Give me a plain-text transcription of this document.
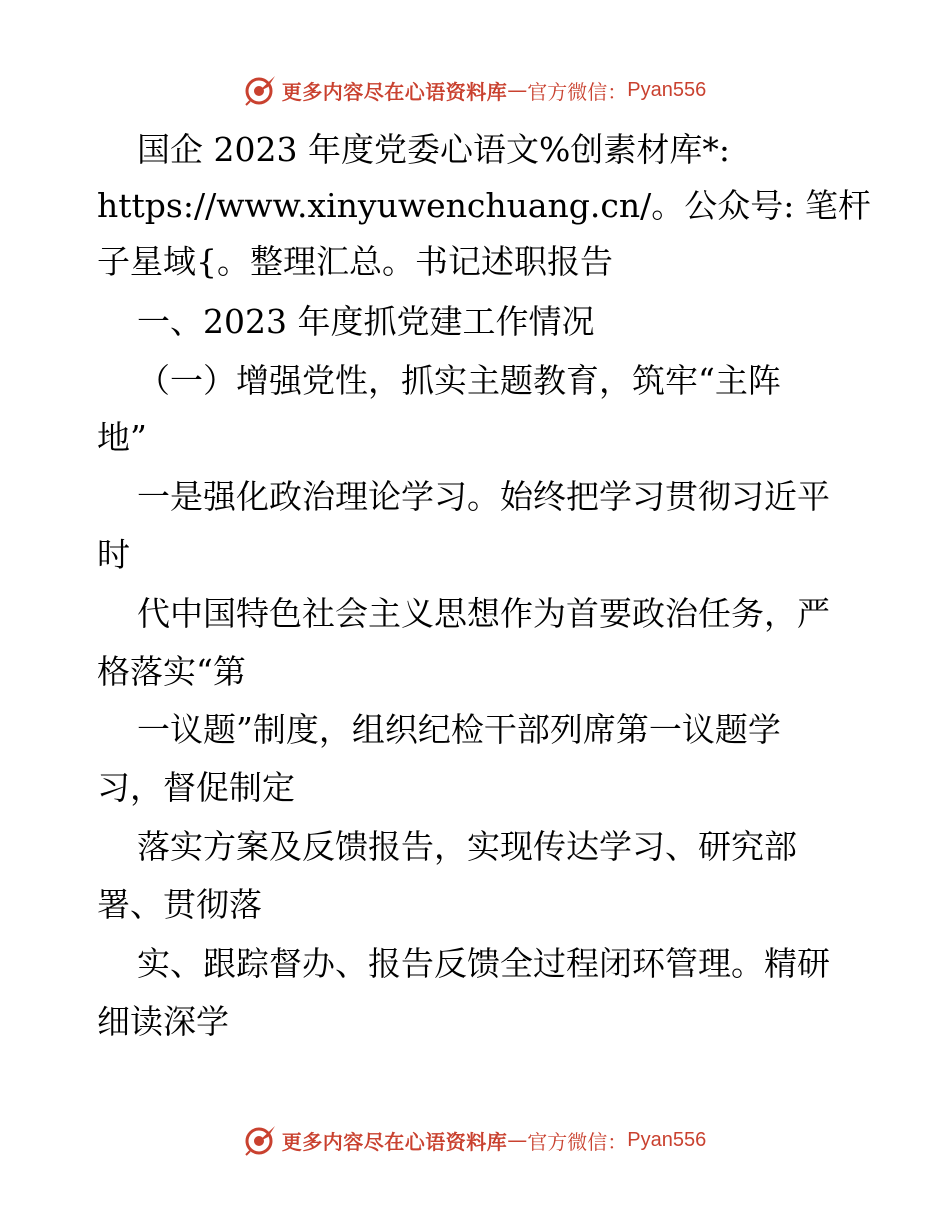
更多内容尽在心语资料库 — 官方微信： Pyan556
国企 2023 年度党委心语文%创素材库*:
https://www.xinyuwenchuang.cn/。公众号: 笔杆
子星域{。整理汇总。书记述职报告
一、2023 年度抓党建工作情况
（一）增强党性，抓实主题教育，筑牢“主阵
地”
一是强化政治理论学习。始终把学习贯彻习近平
时
代中国特色社会主义思想作为首要政治任务，严
格落实“第
一议题”制度，组织纪检干部列席第一议题学
习，督促制定
落实方案及反馈报告，实现传达学习、研究部
署、贯彻落
实、跟踪督办、报告反馈全过程闭环管理。精研
细读深学
更多内容尽在心语资料库 — 官方微信： Pyan556
